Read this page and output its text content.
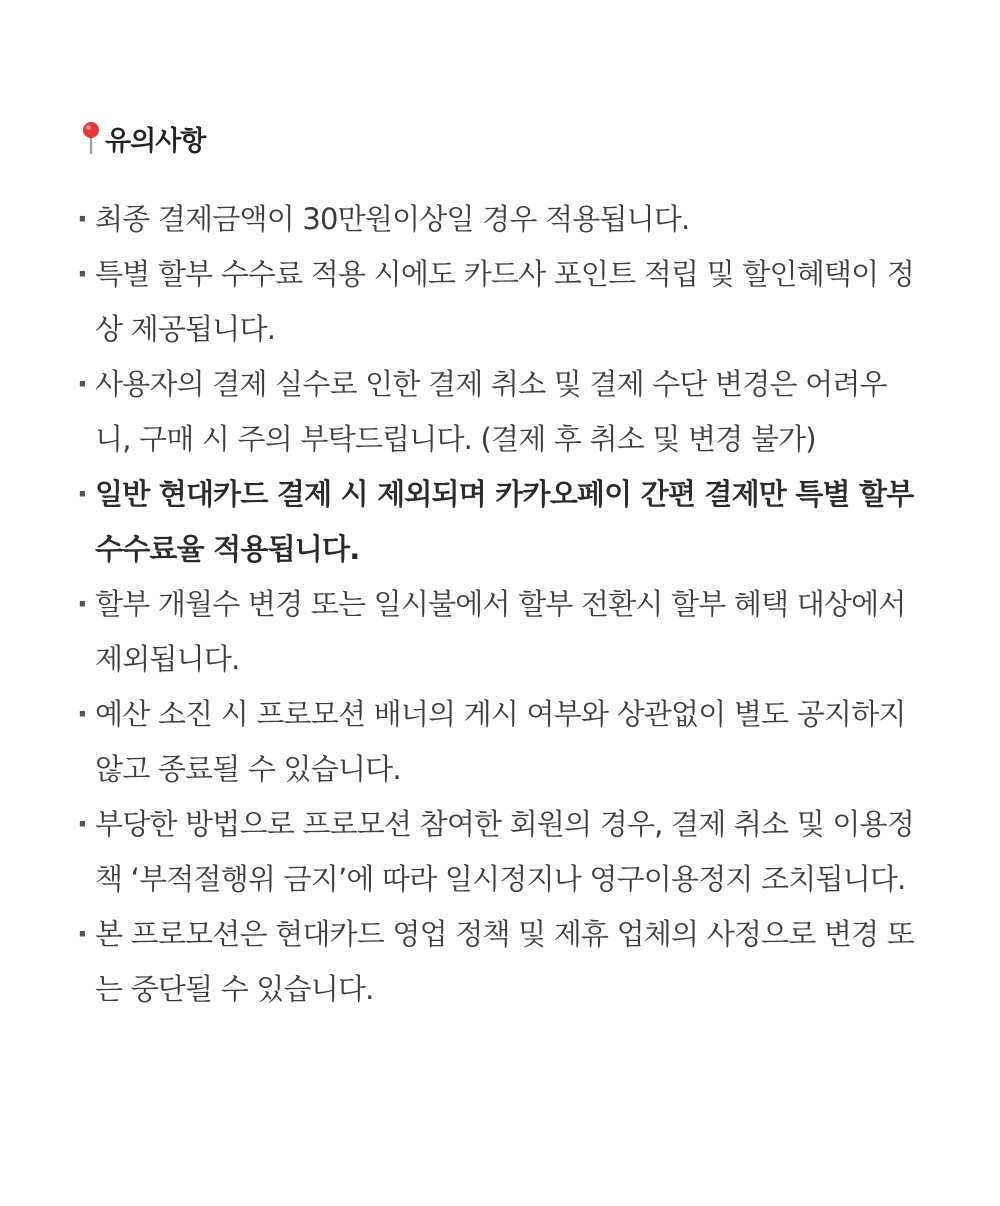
유의사항
· 최종 결제금액이 30만원이상일 경우 적용됩니다.
· 특별 할부 수수료 적용 시에도 카드사 포인트 적립 및 할인혜택이 정상 제공됩니다.
· 사용자의 결제 실수로 인한 결제 취소 및 결제 수단 변경은 어려우니, 구매 시 주의 부탁드립니다. (결제 후 취소 및 변경 불가)
· 일반 현대카드 결제 시 제외되며 카카오페이 간편 결제만 특별 할부 수수료율 적용됩니다.
· 할부 개월수 변경 또는 일시불에서 할부 전환시 할부 혜택 대상에서 제외됩니다.
· 예산 소진 시 프로모션 배너의 게시 여부와 상관없이 별도 공지하지 않고 종료될 수 있습니다.
· 부당한 방법으로 프로모션 참여한 회원의 경우, 결제 취소 및 이용정책 ‘부적절행위 금지’에 따라 일시정지나 영구이용정지 조치됩니다.
· 본 프로모션은 현대카드 영업 정책 및 제휴 업체의 사정으로 변경 또는 중단될 수 있습니다.
